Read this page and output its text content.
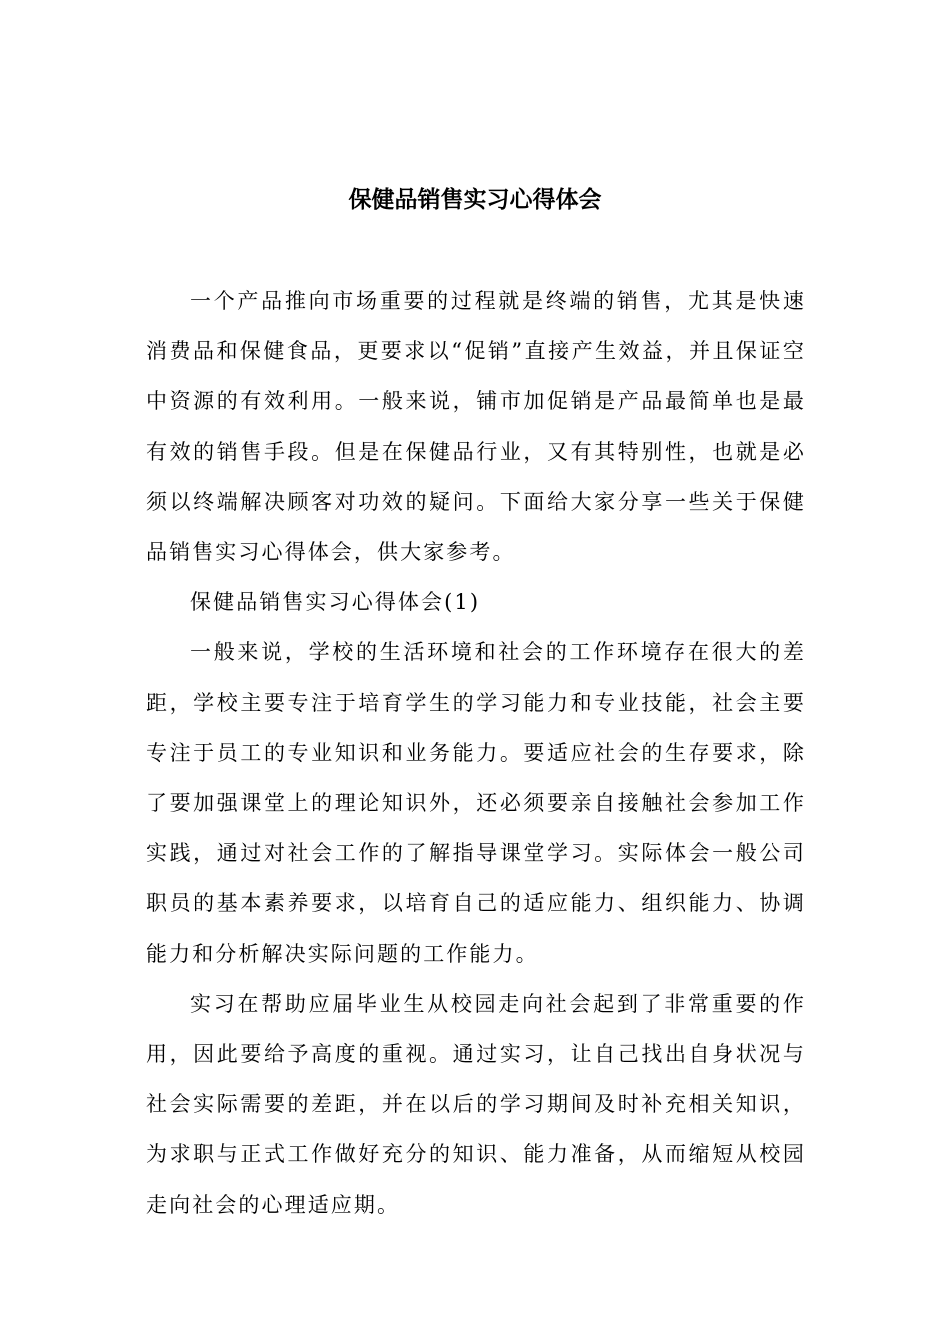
保健品销售实习心得体会

一个产品推向市场重要的过程就是终端的销售，尤其是快速消费品和保健食品，更要求以“促销”直接产生效益，并且保证空中资源的有效利用。一般来说，铺市加促销是产品最简单也是最有效的销售手段。但是在保健品行业，又有其特别性，也就是必须以终端解决顾客对功效的疑问。下面给大家分享一些关于保健品销售实习心得体会，供大家参考。

保健品销售实习心得体会(1)

一般来说，学校的生活环境和社会的工作环境存在很大的差距，学校主要专注于培育学生的学习能力和专业技能，社会主要专注于员工的专业知识和业务能力。要适应社会的生存要求，除了要加强课堂上的理论知识外，还必须要亲自接触社会参加工作实践，通过对社会工作的了解指导课堂学习。实际体会一般公司职员的基本素养要求，以培育自己的适应能力、组织能力、协调能力和分析解决实际问题的工作能力。

实习在帮助应届毕业生从校园走向社会起到了非常重要的作用，因此要给予高度的重视。通过实习，让自己找出自身状况与社会实际需要的差距，并在以后的学习期间及时补充相关知识，为求职与正式工作做好充分的知识、能力准备，从而缩短从校园走向社会的心理适应期。
